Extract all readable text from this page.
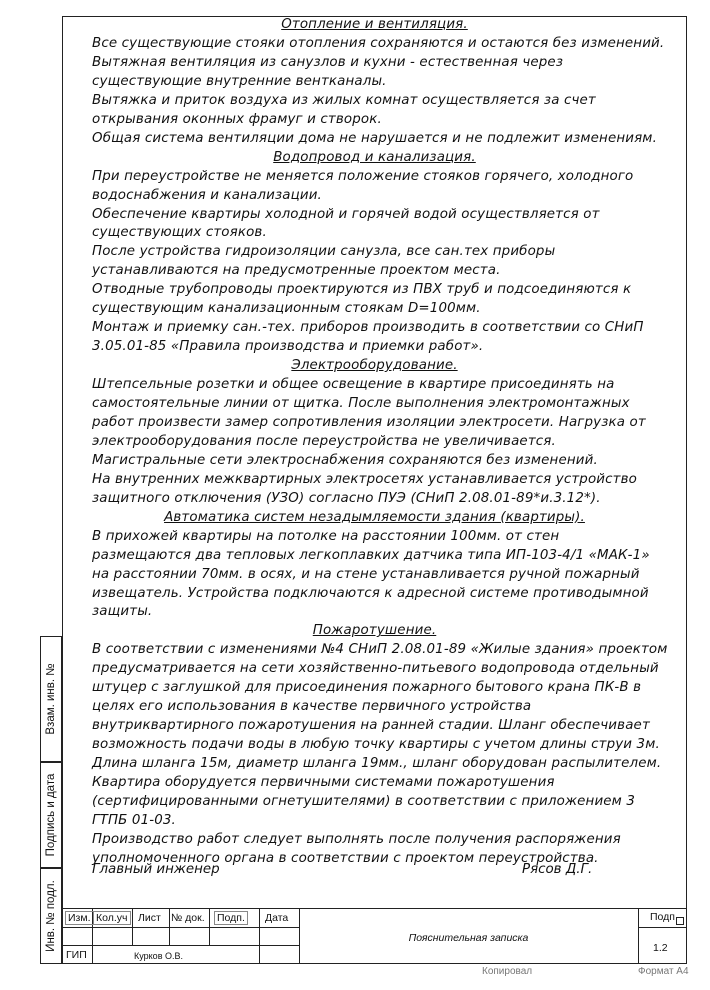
Отопление и вентиляция.
Все существующие стояки отопления сохраняются и остаются без изменений.
Вытяжная вентиляция из санузлов и кухни - естественная через
существующие внутренние вентканалы.
Вытяжка и приток воздуха из жилых комнат осуществляется за счет
открывания оконных фрамуг и створок.
Общая система вентиляции дома не нарушается и не подлежит изменениям.
Водопровод и канализация.
При переустройстве не меняется положение стояков горячего, холодного
водоснабжения и канализации.
Обеспечение квартиры холодной и горячей водой осуществляется от
существующих стояков.
После устройства гидроизоляции санузла, все сан.тех приборы
устанавливаются на предусмотренные проектом места.
Отводные трубопроводы проектируются из ПВХ труб и подсоединяются к
существующим канализационным стоякам D=100мм.
Монтаж и приемку сан.-тех. приборов производить в соответствии со СНиП
3.05.01-85 «Правила производства и приемки работ».
Электрооборудование.
Штепсельные розетки и общее освещение в квартире присоединять на
самостоятельные линии от щитка. После выполнения электромонтажных
работ произвести замер сопротивления изоляции электросети. Нагрузка от
электрооборудования после переустройства не увеличивается.
Магистральные сети электроснабжения сохраняются без изменений.
На внутренних межквартирных электросетях устанавливается устройство
защитного отключения (УЗО) согласно ПУЭ (СНиП 2.08.01-89*и.3.12*).
Автоматика систем незадымляемости здания (квартиры).
В прихожей квартиры на потолке на расстоянии 100мм. от стен
размещаются два тепловых легкоплавких датчика типа ИП-103-4/1 «МАК-1»
на расстоянии 70мм. в осях, и на стене устанавливается ручной пожарный
извещатель. Устройства подключаются к адресной системе противодымной
защиты.
Пожаротушение.
В соответствии с изменениями №4 СНиП 2.08.01-89 «Жилые здания» проектом
предусматривается на сети хозяйственно-питьевого водопровода отдельный
штуцер с заглушкой для присоединения пожарного бытового крана ПК-В в
целях его использования в качестве первичного устройства
внутриквартирного пожаротушения на ранней стадии. Шланг обеспечивает
возможность подачи воды в любую точку квартиры с учетом длины струи 3м.
Длина шланга 15м, диаметр шланга 19мм., шланг оборудован распылителем.
Квартира оборудуется первичными системами пожаротушения
(сертифицированными огнетушителями) в соответствии с приложением 3
ГТПБ 01-03.
Производство работ следует выполнять после получения распоряжения
уполномоченного органа в соответствии с проектом переустройства.
Главный инженер	Рясов Д.Г.
Взам. инв. №
Подпись и дата
Инв. № подл. Изм. Кол.уч Лист № док. Подп. Дата
ГИП	Курков О.В.
Пояснительная записка
Подп
1.2
Копировал	Формат А4
